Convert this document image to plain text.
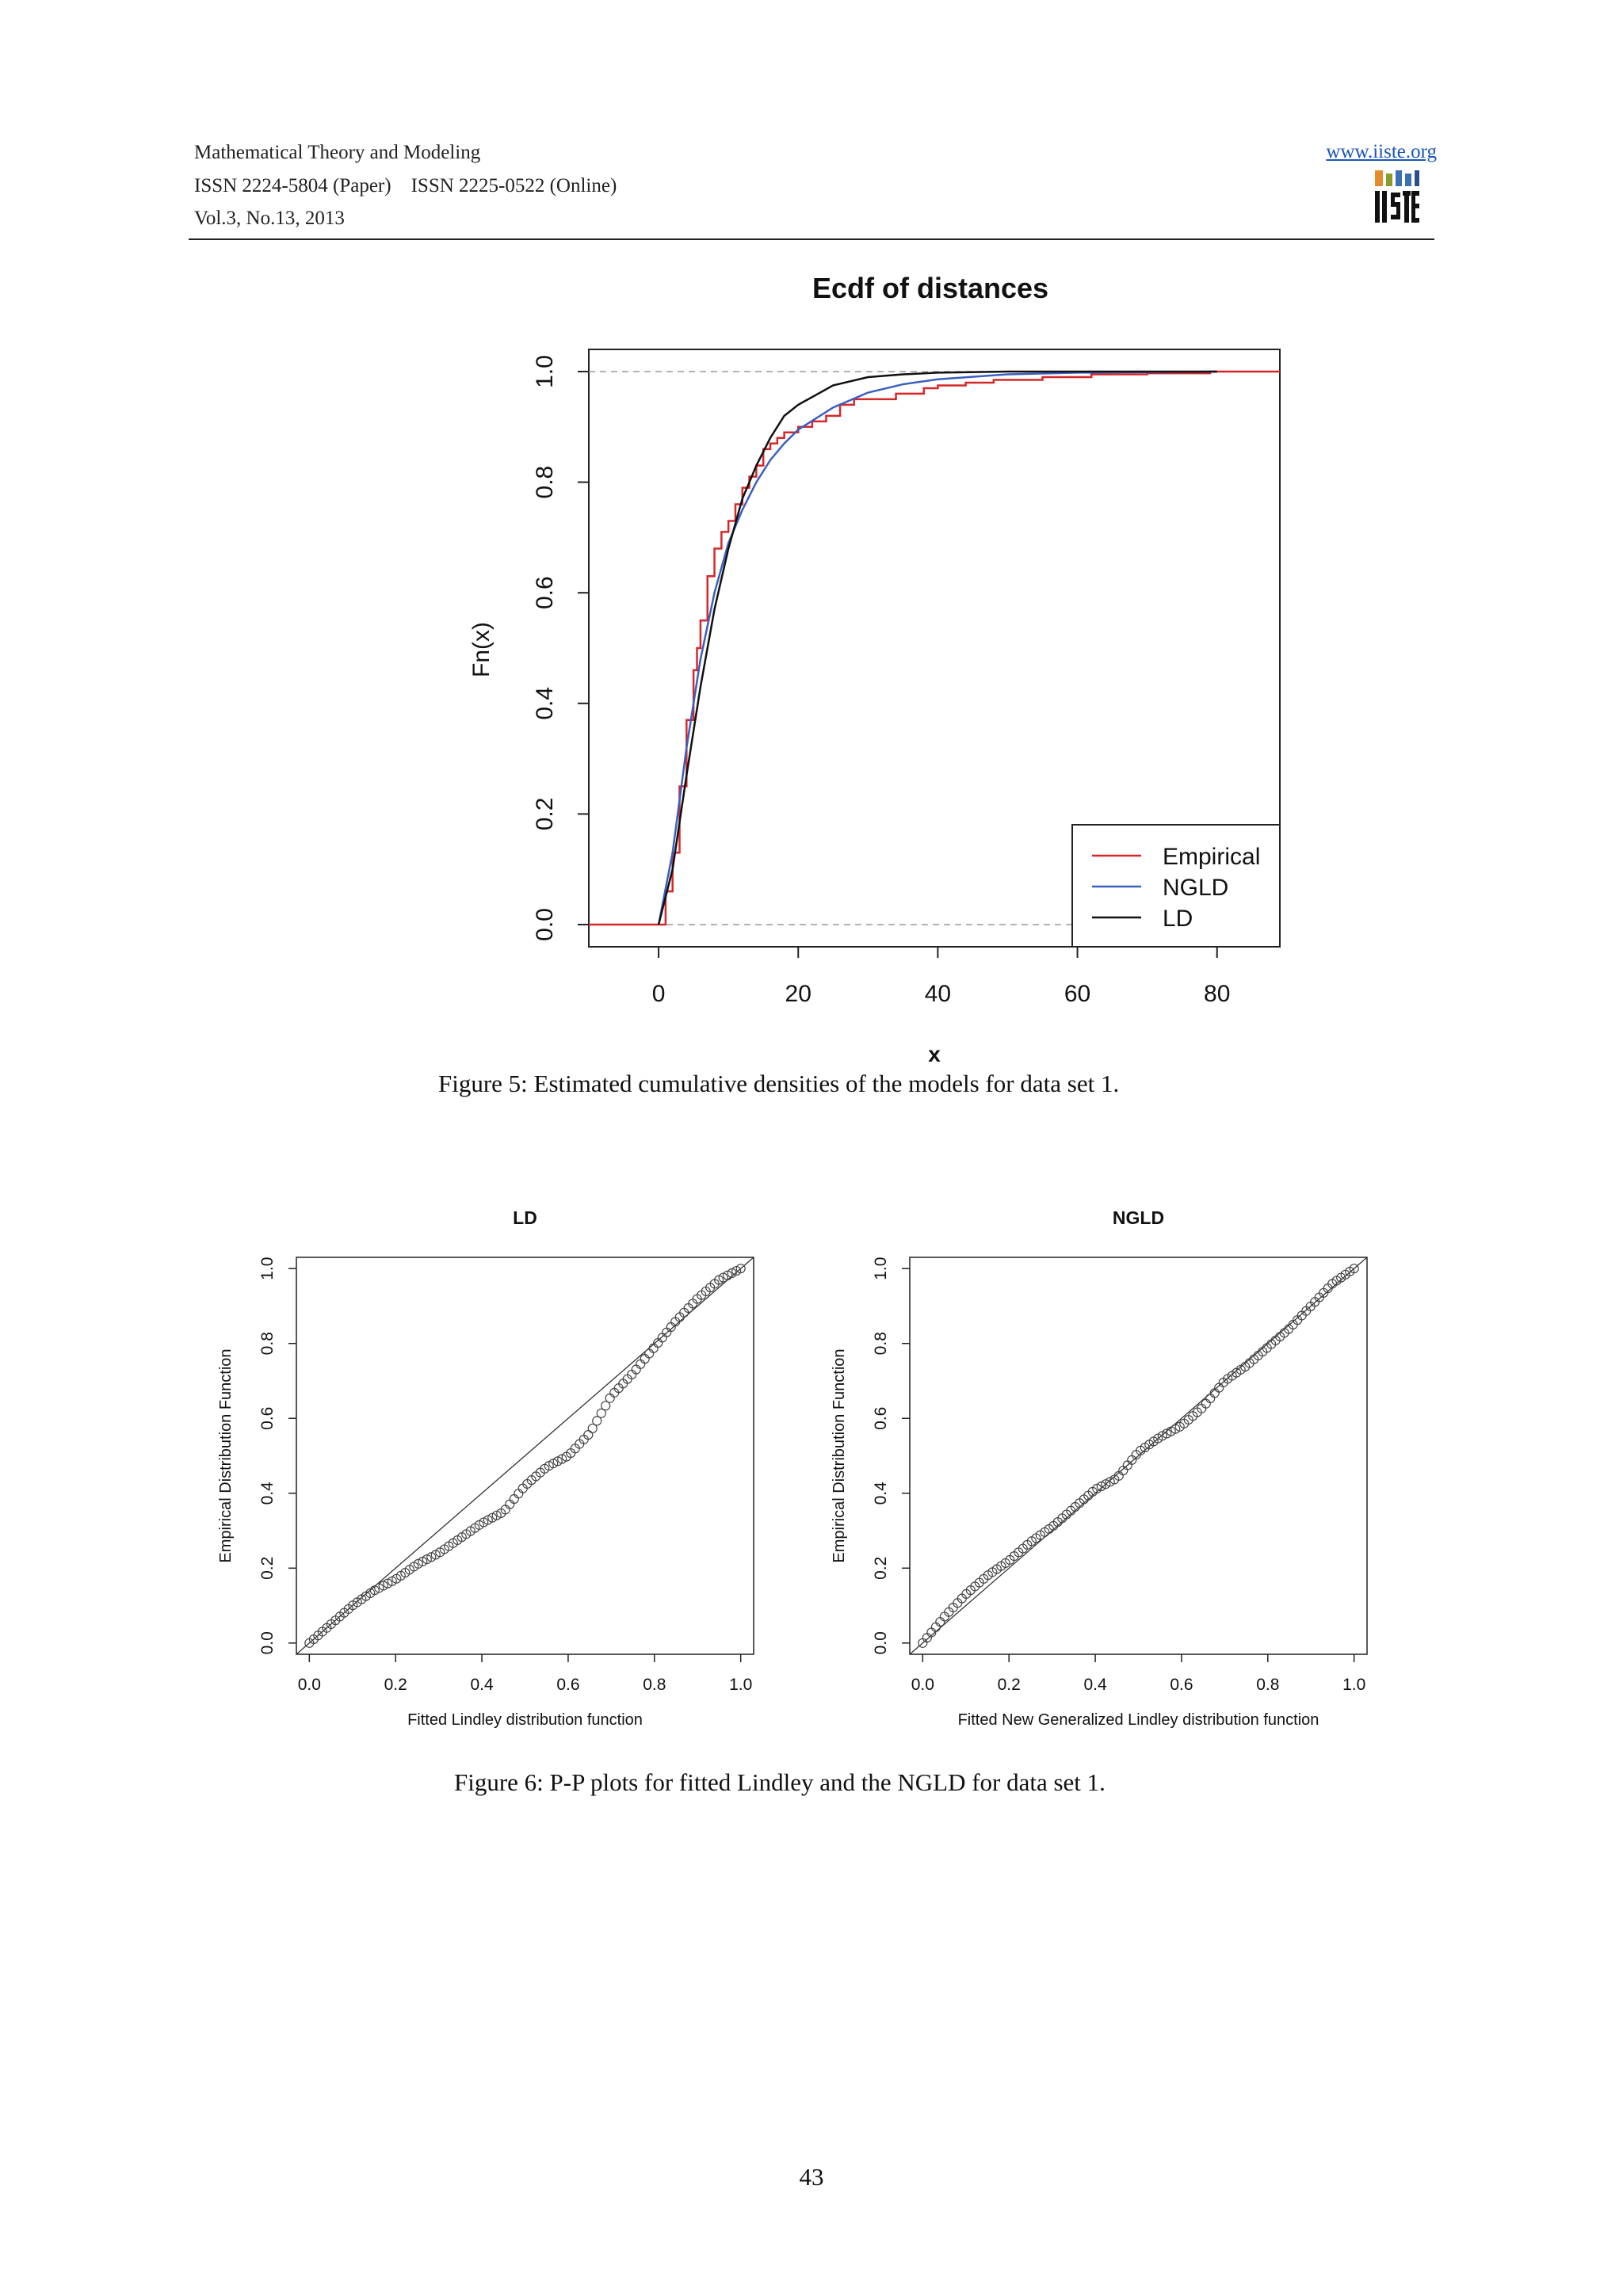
Mathematical Theory and Modeling
ISSN 2224-5804 (Paper)    ISSN 2225-0522 (Online)
Vol.3, No.13, 2013
www.iiste.org
0	20	40	60	80
0.0
0.2
0.4
0.6
0.8
1.0
Ecdf of distances
x
Fn(x)
Empirical
NGLD
LD
0.0	0.2	0.4	0.6	0.8	1.0
0.0
0.2
0.4
0.6
0.8
1.0
LD
Fitted Lindley distribution function
Empirical Distribution Function
0.0	0.2	0.4	0.6	0.8	1.0
0.0
0.2
0.4
0.6
0.8
1.0
NGLD
Fitted New Generalized Lindley distribution function
Empirical Distribution Function
Figure 5: Estimated cumulative densities of the models for data set 1.
Figure 6: P-P plots for fitted Lindley and the NGLD for data set 1.
43
